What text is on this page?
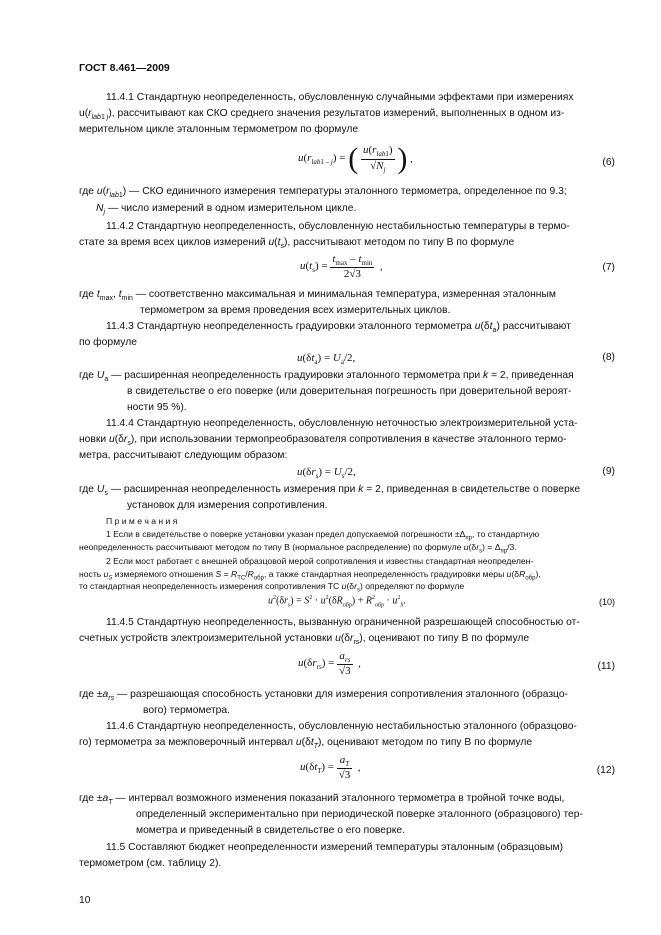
ГОСТ 8.461—2009
11.4.1 Стандартную неопределенность, обусловленную случайными эффектами при измерениях
$u(r_{lab1 j})$, рассчитывают как СКО среднего значения результатов измерений, выполненных в одном из-
мерительном цикле эталонным термометром по формуле
$u(r_{lab1 - j})$ = ( $\frac{u(r_{lab1})}{√N_j}$ ) ,	(6)
где $u(r_{lab1})$ — СКО единичного измерения температуры эталонного термометра, определенное по 9.3;
$N_j$ — число измерений в одном измерительном цикле.
11.4.2 Стандартную неопределенность, обусловленную нестабильностью температуры в термо-
стате за время всех циклов измерений $u(t_s)$, рассчитывают методом по типу В по формуле
$u(t_s) = \frac{t_{max} - t_{min}}{2√3}$ ,	(7)
где $t_{max}$, $t_{min}$ — соответственно максимальная и минимальная температура, измеренная эталонным
термометром за время проведения всех измерительных циклов.
11.4.3 Стандартную неопределенность градуировки эталонного термометра $u(\delta t_a)$ рассчитывают
по формуле
$u(\delta t_a) = U_a/2$,	(8)
где $U_a$ — расширенная неопределенность градуировки эталонного термометра при k = 2, приведенная
в свидетельстве о его поверке (или доверительная погрешность при доверительной вероят-
ности 95 %).
11.4.4 Стандартную неопределенность, обусловленную неточностью электроизмерительной уста-
новки $u(\delta r_s)$, при использовании термопреобразователя сопротивления в качестве эталонного термо-
метра, рассчитывают следующим образом:
$u(\delta r_s) = U_s/2$,	(9)
где $U_s$ — расширенная неопределенность измерения при k = 2, приведенная в свидетельстве о поверке
установок для измерения сопротивления.
П р и м е ч а н и я
1 Если в свидетельстве о поверке установки указан предел допускаемой погрешности $\pm\Delta_{пр}$, то стандартную
неопределенность рассчитывают методом по типу В (нормальное распределение) по формуле $u(\delta r_s) = \Delta_{пр}/3$.
2 Если мост работает с внешней образцовой мерой сопротивления и известны стандартная неопределен-
ность $u_S$ измеряемого отношения $S = R_{TC}/R_{обр}$, а также стандартная неопределенность градуировки меры $u(\delta R_{обр})$,
то стандартная неопределенность измерения сопротивления ТС $u(\delta r_s)$ определяют по формуле
$u^2(\delta r_s) = S^2 \cdot u^2(\delta R_{обр}) + R^2_{обр} \cdot u^2_S$.	(10)
11.4.5 Стандартную неопределенность, вызванную ограниченной разрешающей способностью от-
счетных устройств электроизмерительной установки $u(\delta r_{rs})$, оценивают по типу В по формуле
$u(\delta r_{rs}) = \frac{a_{rs}}{√3}$ ,	(11)
где $\pm a_{rs}$ — разрешающая способность установки для измерения сопротивления эталонного (образцо-
вого) термометра.
11.4.6 Стандартную неопределенность, обусловленную нестабильностью эталонного (образцово-
го) термометра за межповерочный интервал $u(\delta t_T)$, оценивают методом по типу В по формуле
$u(\delta t_T) = \frac{a_T}{√3}$ ,	(12)
где $\pm a_T$ — интервал возможного изменения показаний эталонного термометра в тройной точке воды,
определенный экспериментально при периодической поверке эталонного (образцового) тер-
мометра и приведенный в свидетельстве о его поверке.
11.5 Составляют бюджет неопределенности измерений температуры эталонным (образцовым)
термометром (см. таблицу 2).
10
